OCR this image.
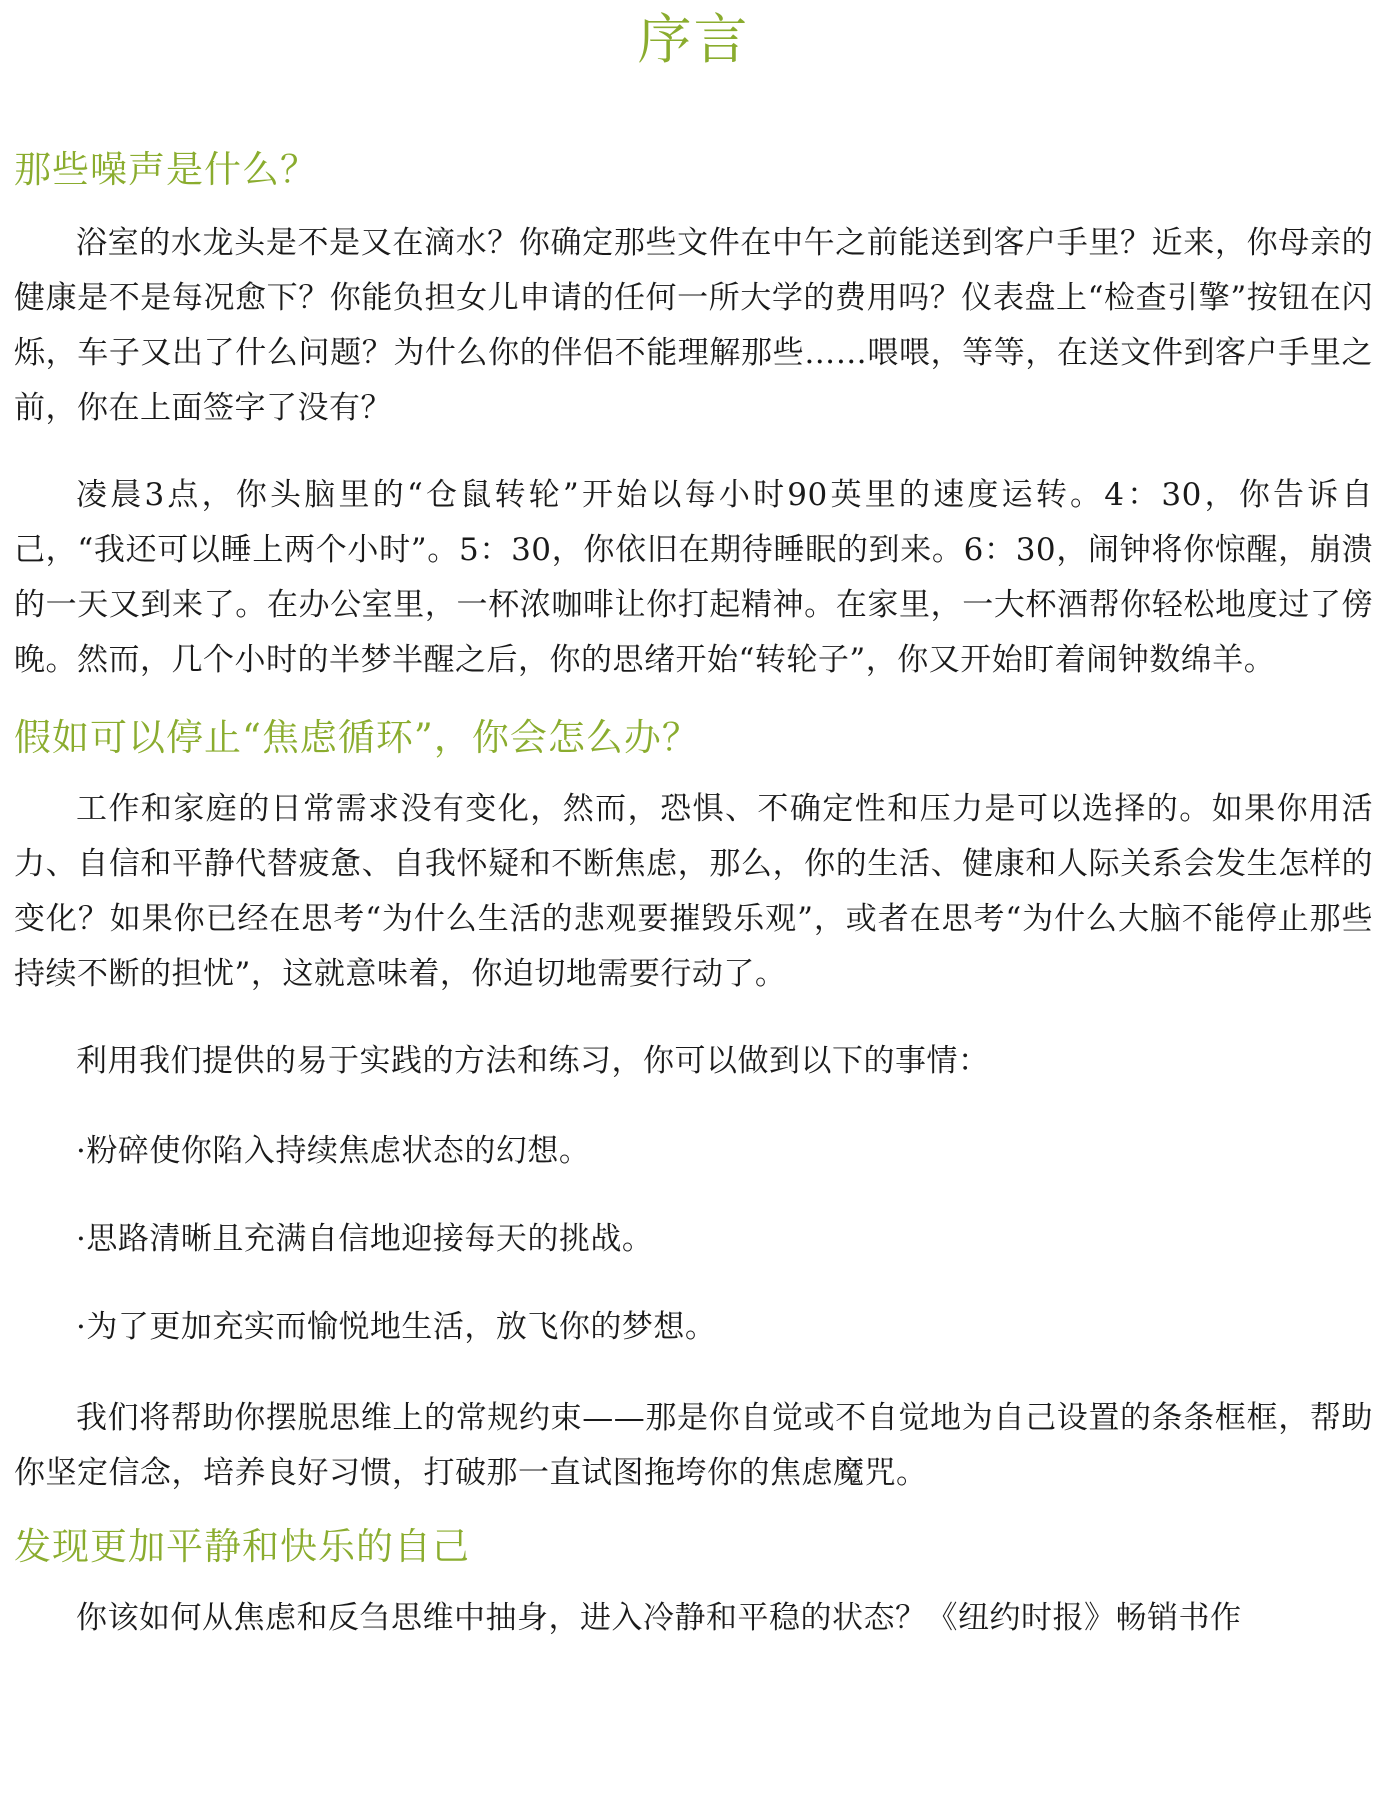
序言
那些噪声是什么？

浴室的水龙头是不是又在滴水？你确定那些文件在中午之前能送到客户手里？近来，你母亲的健康是不是每况愈下？你能负担女儿申请的任何一所大学的费用吗？仪表盘上“检查引擎”按钮在闪烁，车子又出了什么问题？为什么你的伴侣不能理解那些……喂喂，等等，在送文件到客户手里之前，你在上面签字了没有？

凌晨3点，你头脑里的“仓鼠转轮”开始以每小时90英里的速度运转。4：30，你告诉自己，“我还可以睡上两个小时”。5：30，你依旧在期待睡眠的到来。6：30，闹钟将你惊醒，崩溃的一天又到来了。在办公室里，一杯浓咖啡让你打起精神。在家里，一大杯酒帮你轻松地度过了傍晚。然而，几个小时的半梦半醒之后，你的思绪开始“转轮子”，你又开始盯着闹钟数绵羊。

假如可以停止“焦虑循环”，你会怎么办？

工作和家庭的日常需求没有变化，然而，恐惧、不确定性和压力是可以选择的。如果你用活力、自信和平静代替疲惫、自我怀疑和不断焦虑，那么，你的生活、健康和人际关系会发生怎样的变化？如果你已经在思考“为什么生活的悲观要摧毁乐观”，或者在思考“为什么大脑不能停止那些持续不断的担忧”，这就意味着，你迫切地需要行动了。

利用我们提供的易于实践的方法和练习，你可以做到以下的事情：

·粉碎使你陷入持续焦虑状态的幻想。

·思路清晰且充满自信地迎接每天的挑战。

·为了更加充实而愉悦地生活，放飞你的梦想。

我们将帮助你摆脱思维上的常规约束——那是你自觉或不自觉地为自己设置的条条框框，帮助你坚定信念，培养良好习惯，打破那一直试图拖垮你的焦虑魔咒。

发现更加平静和快乐的自己

你该如何从焦虑和反刍思维中抽身，进入冷静和平稳的状态？《纽约时报》畅销书作
